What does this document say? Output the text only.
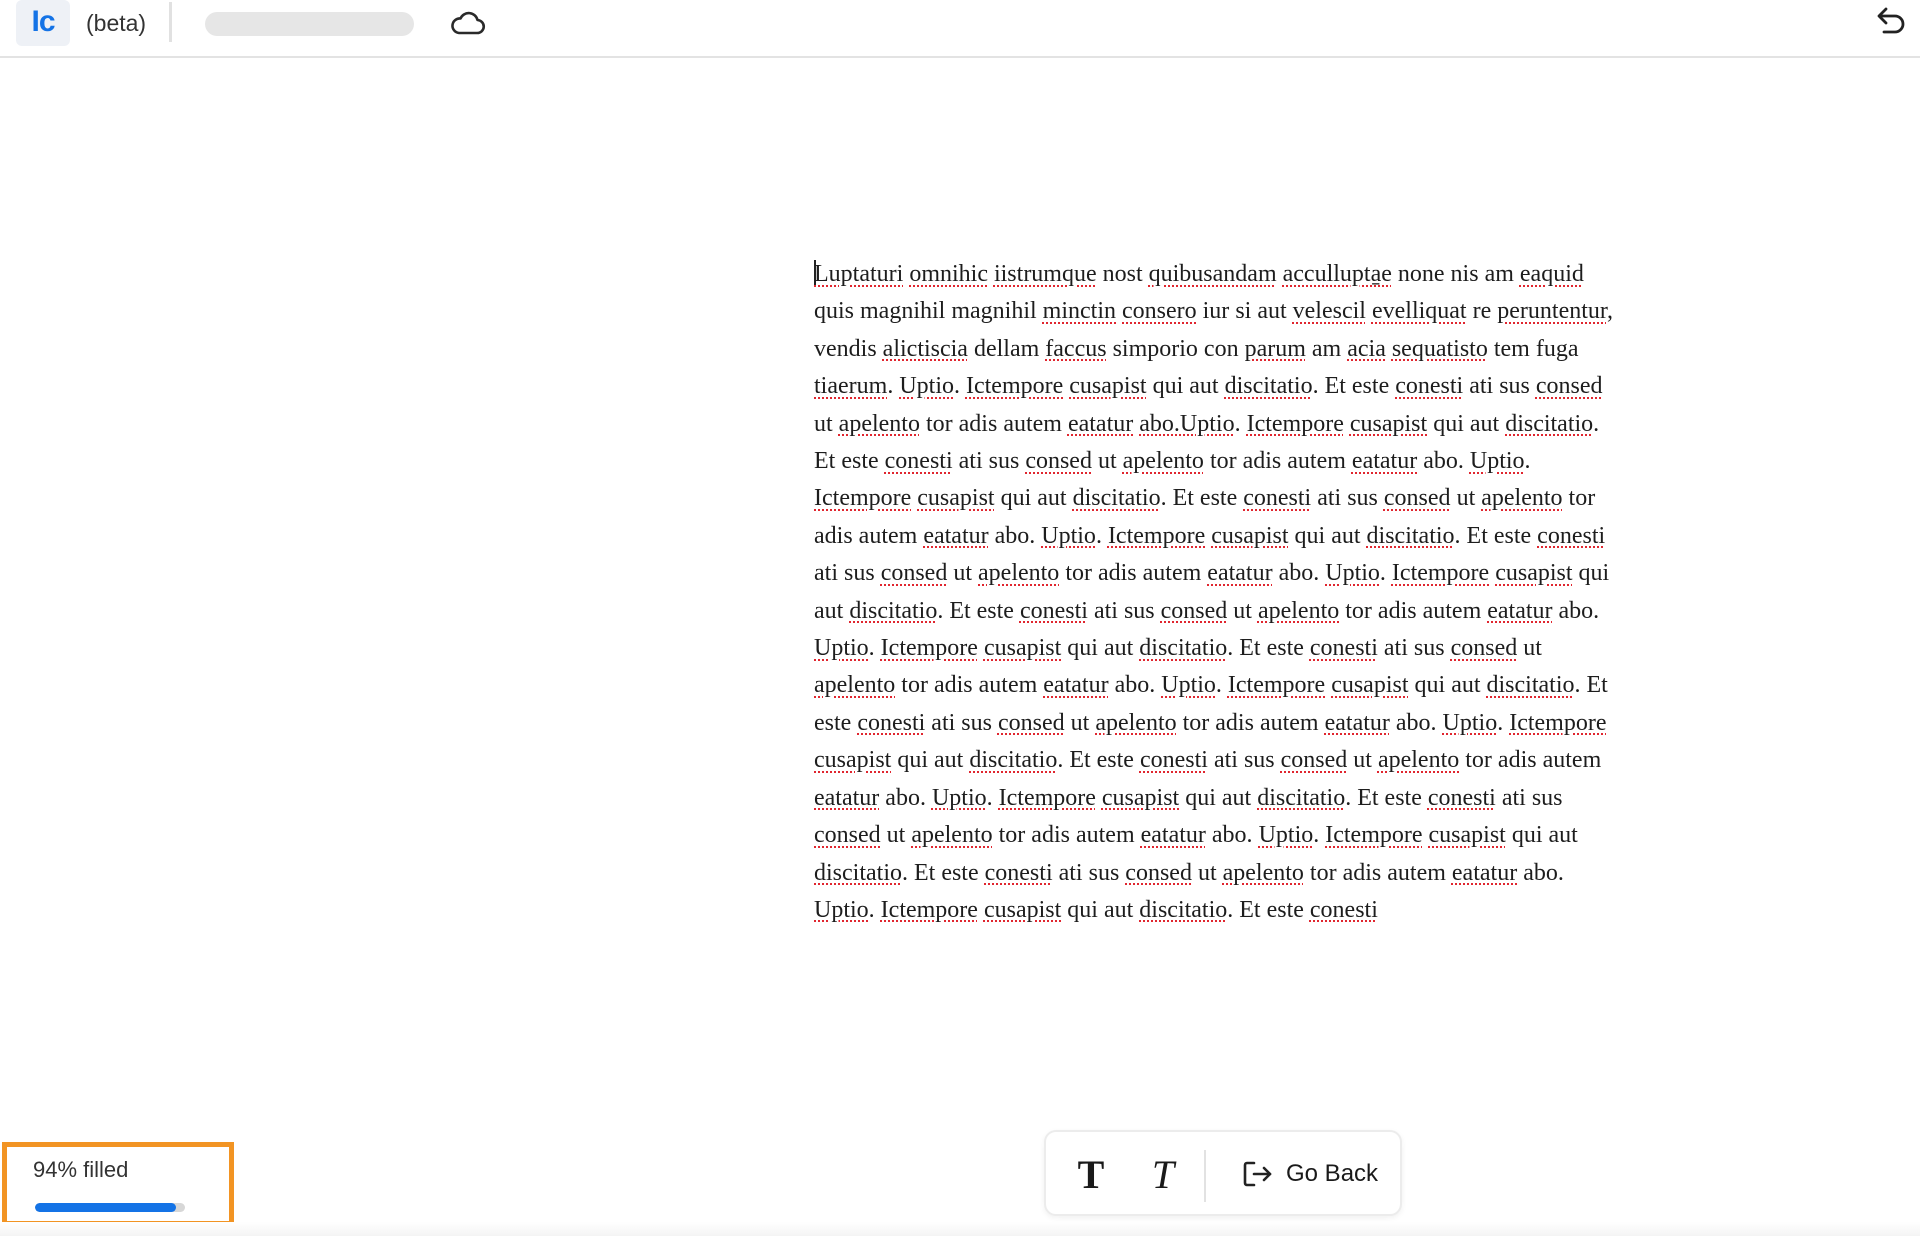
Ic	(beta)

Luptaturi omnihic iistrumque nost quibusandam accullupta̱e none nis am eaquid quis magnihil magnihil minctin consero iur si aut velescil evelliquat re peruntentur, vendis alictiscia dellam faccus simporio con parum am acia sequatisto tem fuga tiaerum. Uptio. Ictempore cusapist qui aut discitatio. Et este conesti ati sus consed ut apelento tor adis autem eatatur abo.Uptio. Ictempore cusapist qui aut discitatio. Et este conesti ati sus consed ut apelento tor adis autem eatatur abo. Uptio. Ictempore cusapist qui aut discitatio. Et este conesti ati sus consed ut apelento tor adis autem eatatur abo. Uptio. Ictempore cusapist qui aut discitatio. Et este conesti ati sus consed ut apelento tor adis autem eatatur abo. Uptio. Ictempore cusapist qui aut discitatio. Et este conesti ati sus consed ut apelento tor adis autem eatatur abo. Uptio. Ictempore cusapist qui aut discitatio. Et este conesti ati sus consed ut apelento tor adis autem eatatur abo. Uptio. Ictempore cusapist qui aut discitatio. Et este conesti ati sus consed ut apelento tor adis autem eatatur abo. Uptio. Ictempore cusapist qui aut discitatio. Et este conesti ati sus consed ut apelento tor adis autem eatatur abo. Uptio. Ictempore cusapist qui aut discitatio. Et este conesti ati sus consed ut apelento tor adis autem eatatur abo. Uptio. Ictempore cusapist qui aut discitatio. Et este conesti ati sus consed ut apelento tor adis autem eatatur abo. Uptio. Ictempore cusapist qui aut discitatio. Et este conesti

T	T	Go Back
94% filled
